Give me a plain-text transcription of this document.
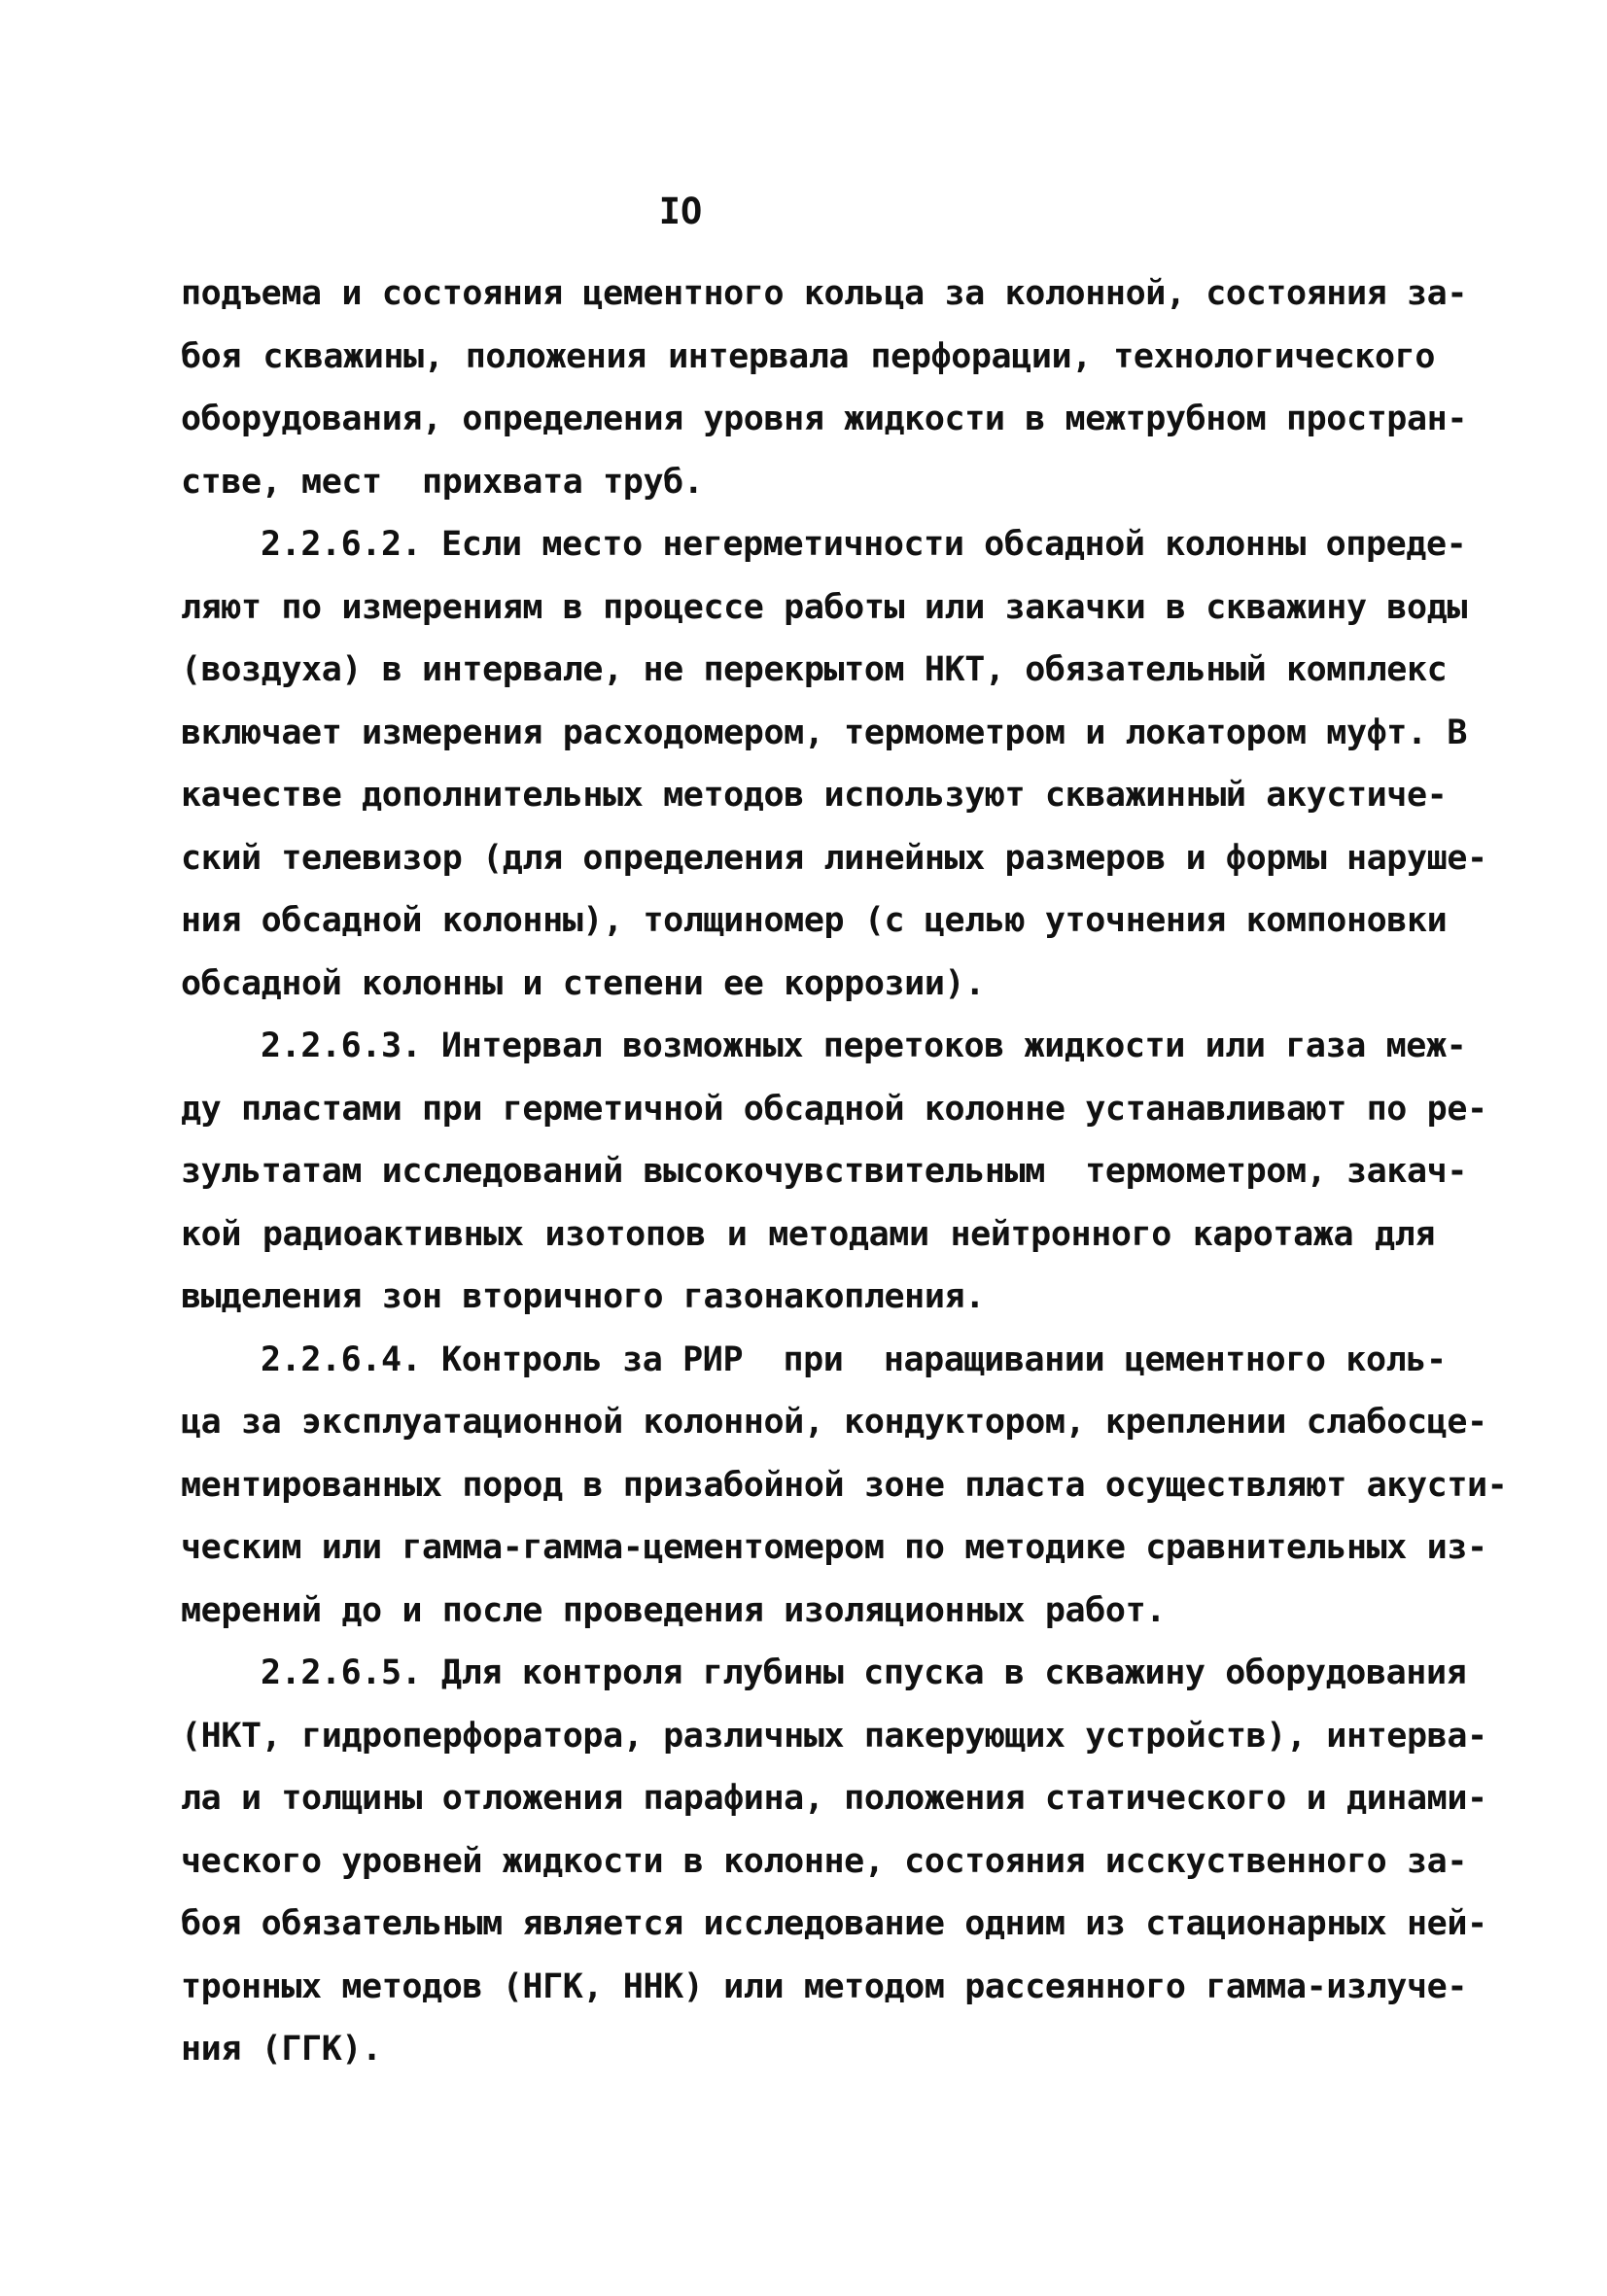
IO
подъема и состояния цементного кольца за колонной, состояния за-
боя скважины, положения интервала перфорации, технологического
оборудования, определения уровня жидкости в межтрубном простран-
стве, мест  прихвата труб.
2.2.6.2. Если место негерметичности обсадной колонны опреде-
ляют по измерениям в процессе работы или закачки в скважину воды
(воздуха) в интервале, не перекрытом НКТ, обязательный комплекс
включает измерения расходомером, термометром и локатором муфт. В
качестве дополнительных методов используют скважинный акустиче-
ский телевизор (для определения линейных размеров и формы наруше-
ния обсадной колонны), толщиномер (с целью уточнения компоновки
обсадной колонны и степени ее коррозии).
2.2.6.3. Интервал возможных перетоков жидкости или газа меж-
ду пластами при герметичной обсадной колонне устанавливают по ре-
зультатам исследований высокочувствительным  термометром, закач-
кой радиоактивных изотопов и методами нейтронного каротажа для
выделения зон вторичного газонакопления.
2.2.6.4. Контроль за РИР  при  наращивании цементного коль-
ца за эксплуатационной колонной, кондуктором, креплении слабосце-
ментированных пород в призабойной зоне пласта осуществляют акусти-
ческим или гамма-гамма-цементомером по методике сравнительных из-
мерений до и после проведения изоляционных работ.
2.2.6.5. Для контроля глубины спуска в скважину оборудования
(НКТ, гидроперфоратора, различных пакерующих устройств), интерва-
ла и толщины отложения парафина, положения статического и динами-
ческого уровней жидкости в колонне, состояния исскуственного за-
боя обязательным является исследование одним из стационарных ней-
тронных методов (НГК, ННК) или методом рассеянного гамма-излуче-
ния (ГГК).
